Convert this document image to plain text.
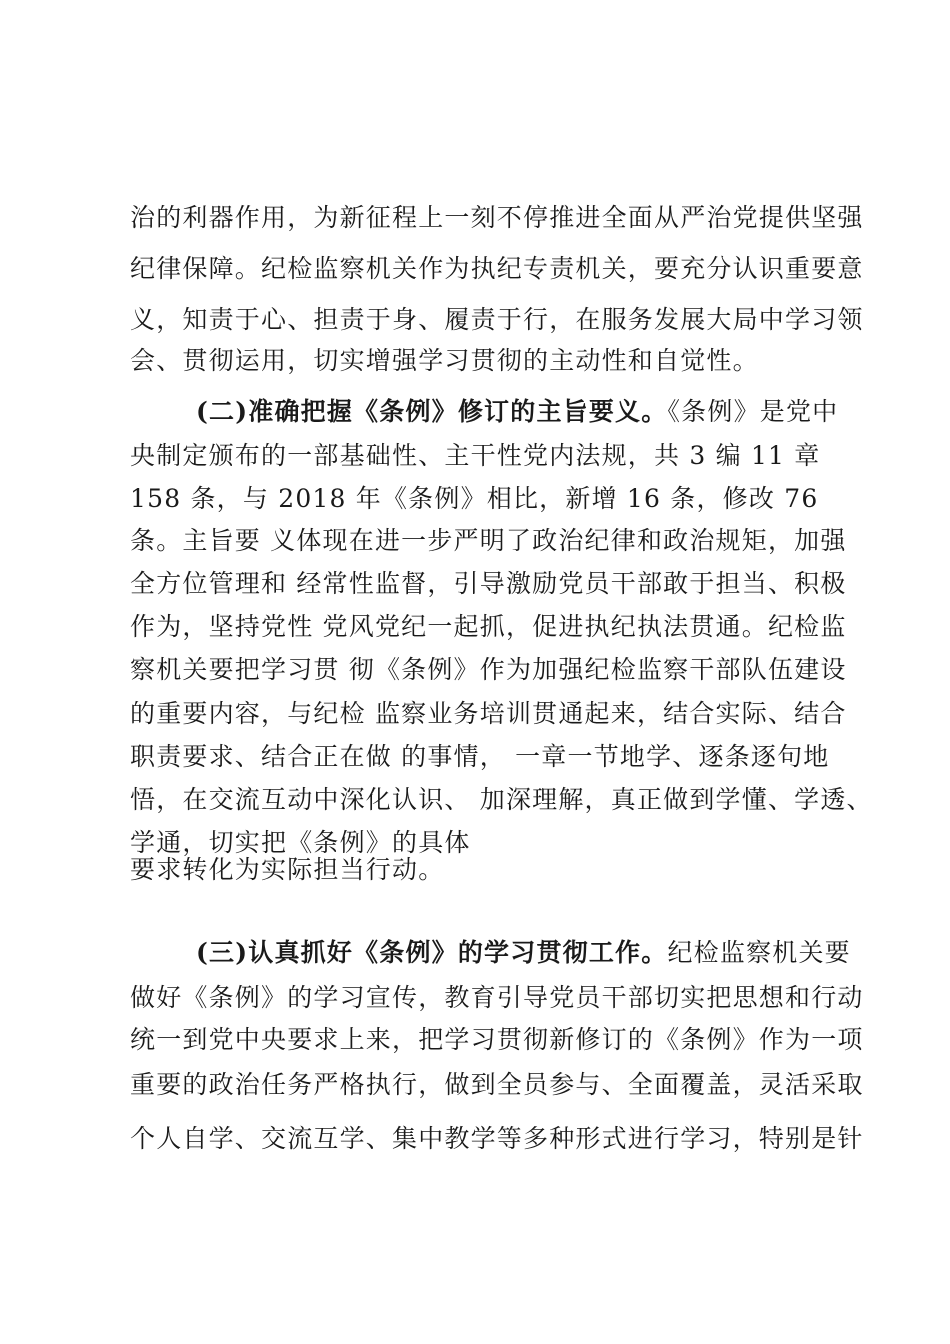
治的利器作用，为新征程上一刻不停推进全面从严治党提供坚强
纪律保障。纪检监察机关作为执纪专责机关，要充分认识重要意
义，知责于心、担责于身、履责于行，在服务发展大局中学习领
会、贯彻运用，切实增强学习贯彻的主动性和自觉性。
(二)准确把握《条例》修订的主旨要义。《条例》是党中
央制定颁布的一部基础性、主干性党内法规，共 3 编 11 章
158 条，与 2018 年《条例》相比，新增 16 条，修改 76
条。主旨要 义体现在进一步严明了政治纪律和政治规矩，加强
全方位管理和 经常性监督，引导激励党员干部敢于担当、积极
作为，坚持党性 党风党纪一起抓，促进执纪执法贯通。纪检监
察机关要把学习贯 彻《条例》作为加强纪检监察干部队伍建设
的重要内容，与纪检 监察业务培训贯通起来，结合实际、结合
职责要求、结合正在做 的事情， 一章一节地学、逐条逐句地
悟，在交流互动中深化认识、 加深理解，真正做到学懂、学透、
学通，切实把《条例》的具体
要求转化为实际担当行动。
(三)认真抓好《条例》的学习贯彻工作。纪检监察机关要
做好《条例》的学习宣传，教育引导党员干部切实把思想和行动
统一到党中央要求上来，把学习贯彻新修订的《条例》作为一项
重要的政治任务严格执行，做到全员参与、全面覆盖，灵活采取
个人自学、交流互学、集中教学等多种形式进行学习，特别是针
